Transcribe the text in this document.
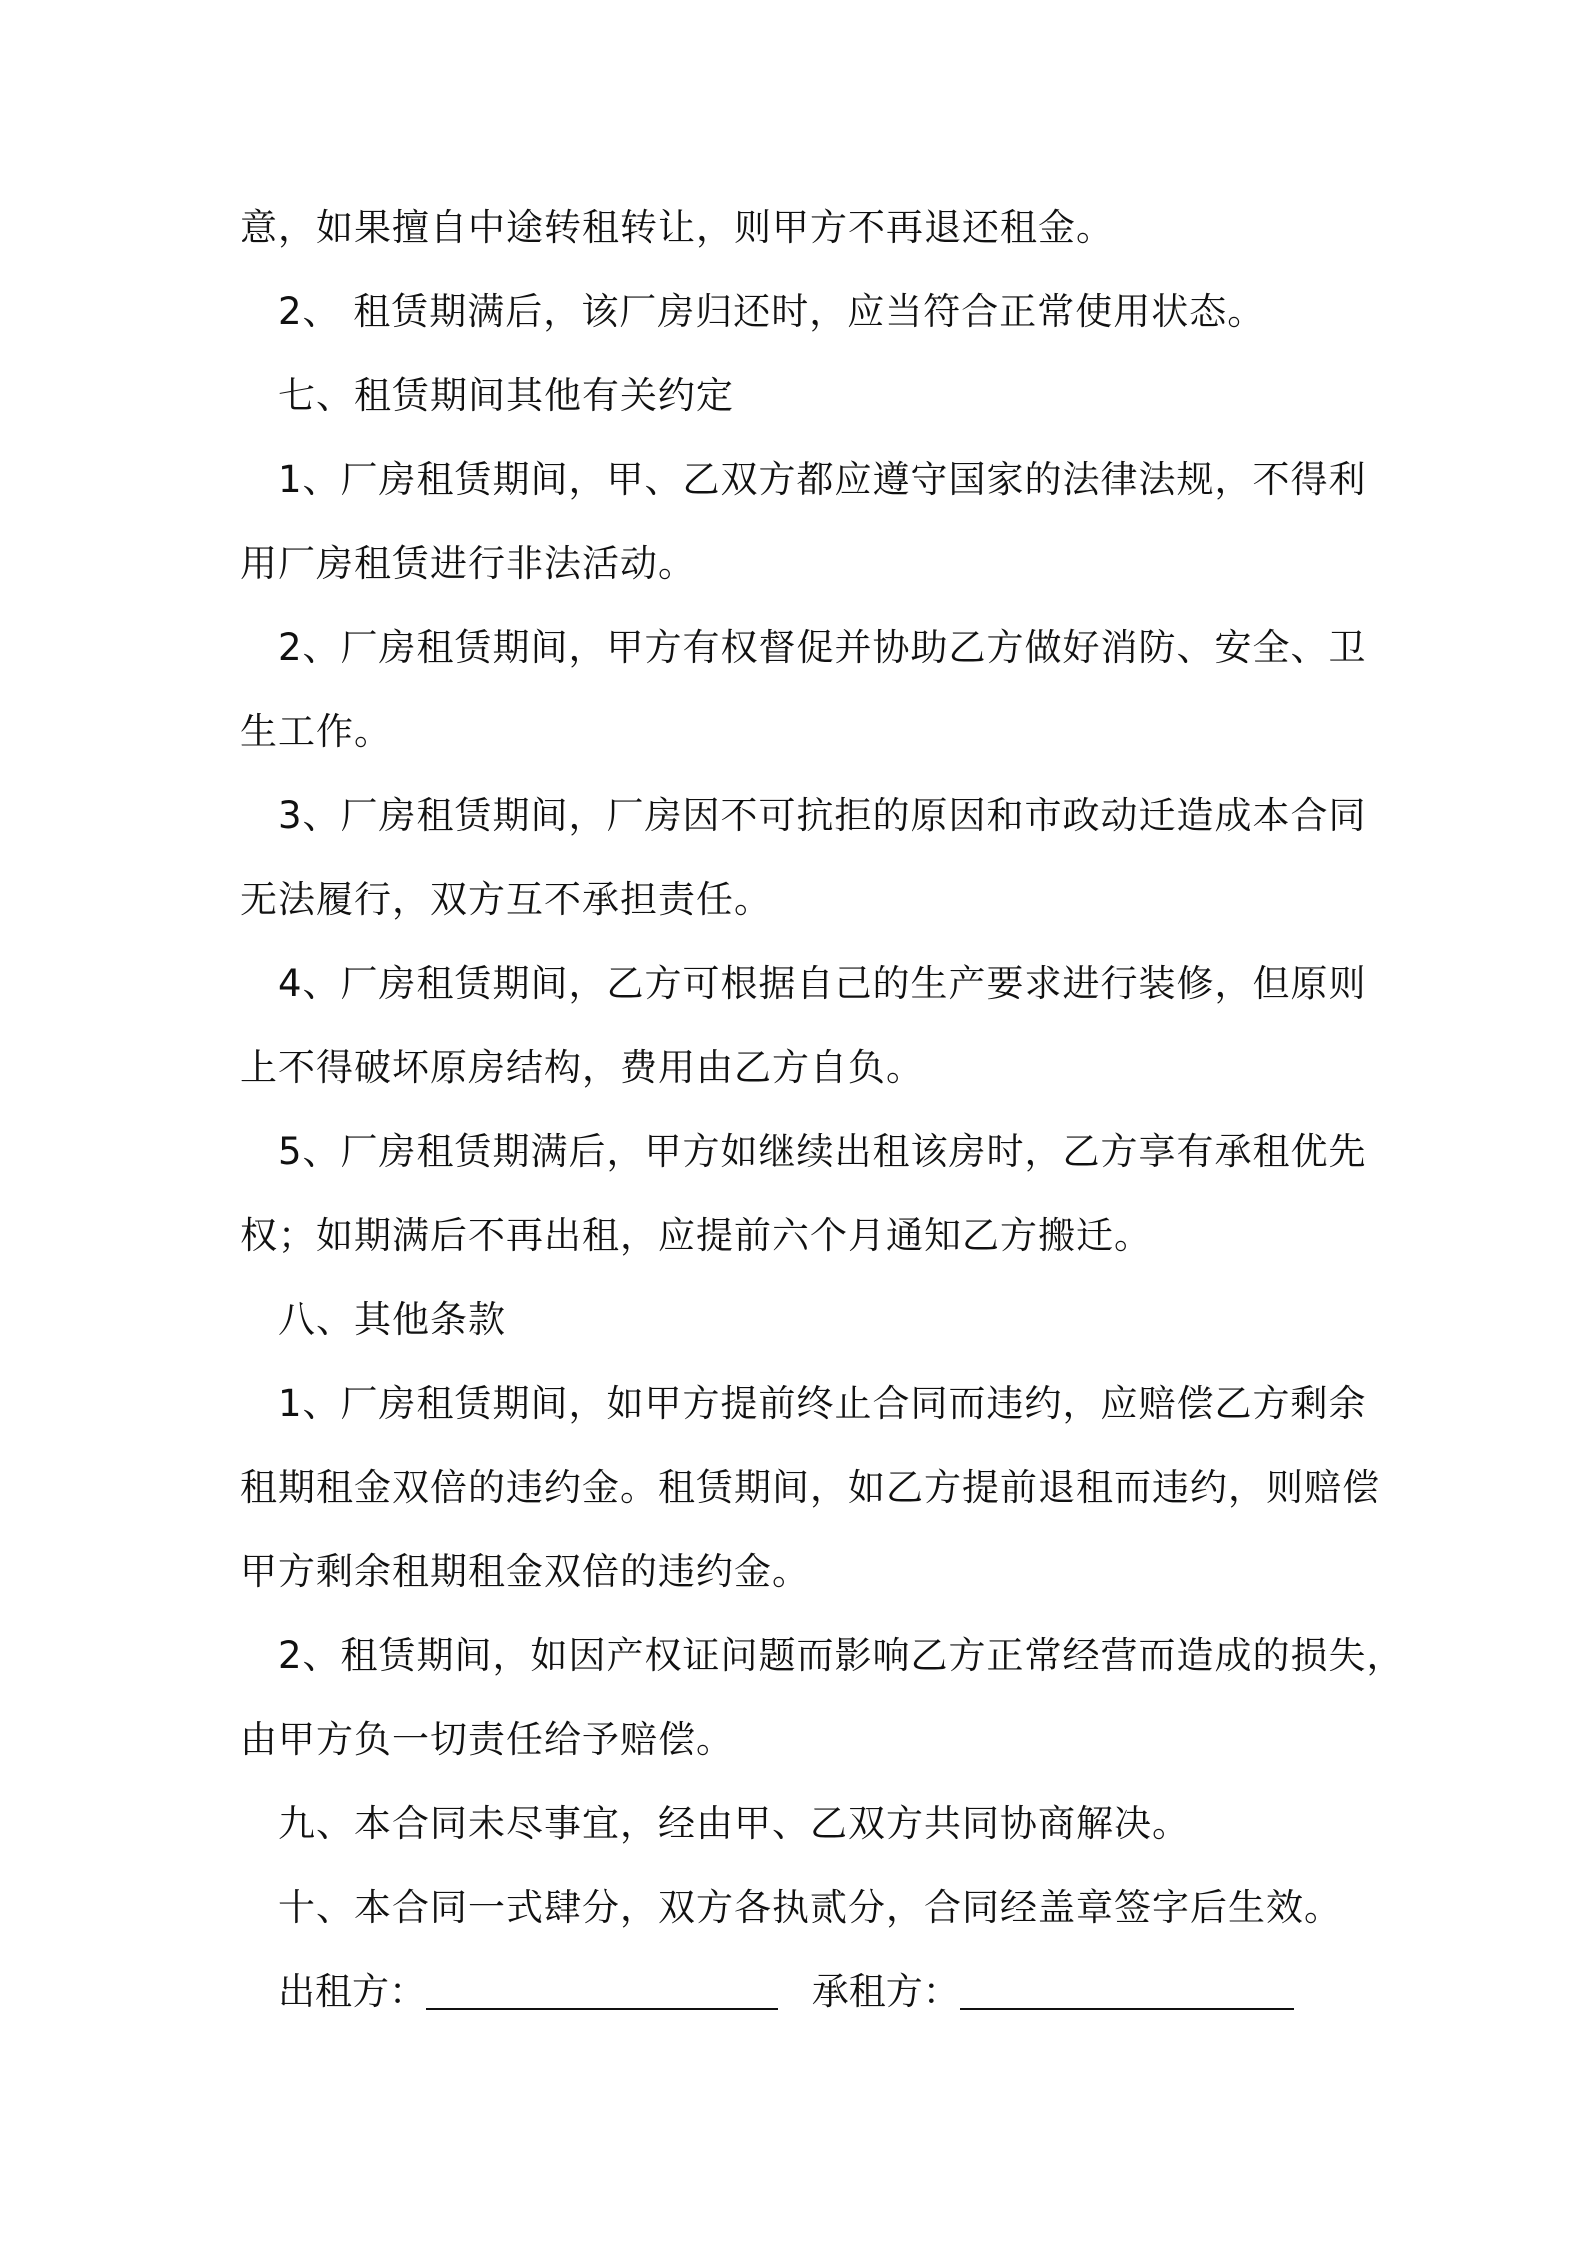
意，如果擅自中途转租转让，则甲方不再退还租金。
2、 租赁期满后，该厂房归还时，应当符合正常使用状态。
七、租赁期间其他有关约定
1、厂房租赁期间，甲、乙双方都应遵守国家的法律法规，不得利
用厂房租赁进行非法活动。
2、厂房租赁期间，甲方有权督促并协助乙方做好消防、安全、卫
生工作。
3、厂房租赁期间，厂房因不可抗拒的原因和市政动迁造成本合同
无法履行，双方互不承担责任。
4、厂房租赁期间，乙方可根据自己的生产要求进行装修，但原则
上不得破坏原房结构，费用由乙方自负。
5、厂房租赁期满后，甲方如继续出租该房时，乙方享有承租优先
权；如期满后不再出租，应提前六个月通知乙方搬迁。
八、其他条款
1、厂房租赁期间，如甲方提前终止合同而违约，应赔偿乙方剩余
租期租金双倍的违约金。租赁期间，如乙方提前退租而违约，则赔偿
甲方剩余租期租金双倍的违约金。
2、租赁期间，如因产权证问题而影响乙方正常经营而造成的损失，
由甲方负一切责任给予赔偿。
九、本合同未尽事宜，经由甲、乙双方共同协商解决。
十、本合同一式肆分，双方各执贰分，合同经盖章签字后生效。
出租方：	承租方：
